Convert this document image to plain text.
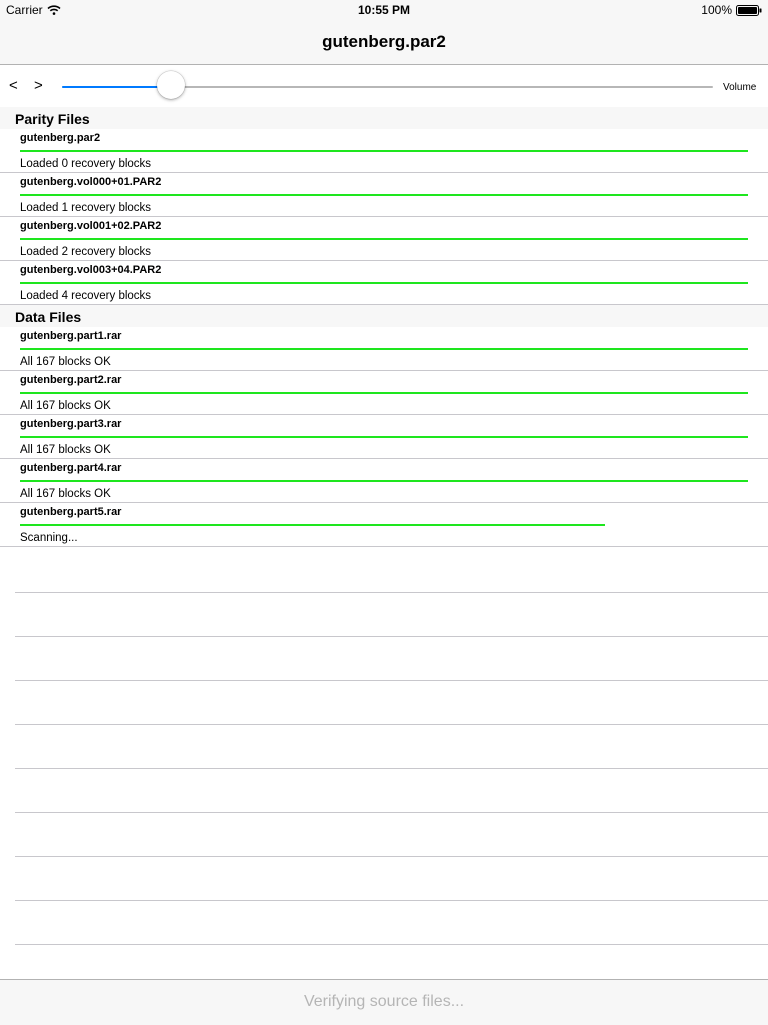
Carrier	10:55 PM	100%
gutenberg.par2
< >	Volume
Parity Files
gutenberg.par2
Loaded 0 recovery blocks
gutenberg.vol000+01.PAR2
Loaded 1 recovery blocks
gutenberg.vol001+02.PAR2
Loaded 2 recovery blocks
gutenberg.vol003+04.PAR2
Loaded 4 recovery blocks
Data Files
gutenberg.part1.rar
All 167 blocks OK
gutenberg.part2.rar
All 167 blocks OK
gutenberg.part3.rar
All 167 blocks OK
gutenberg.part4.rar
All 167 blocks OK
gutenberg.part5.rar
Scanning...
Verifying source files...
